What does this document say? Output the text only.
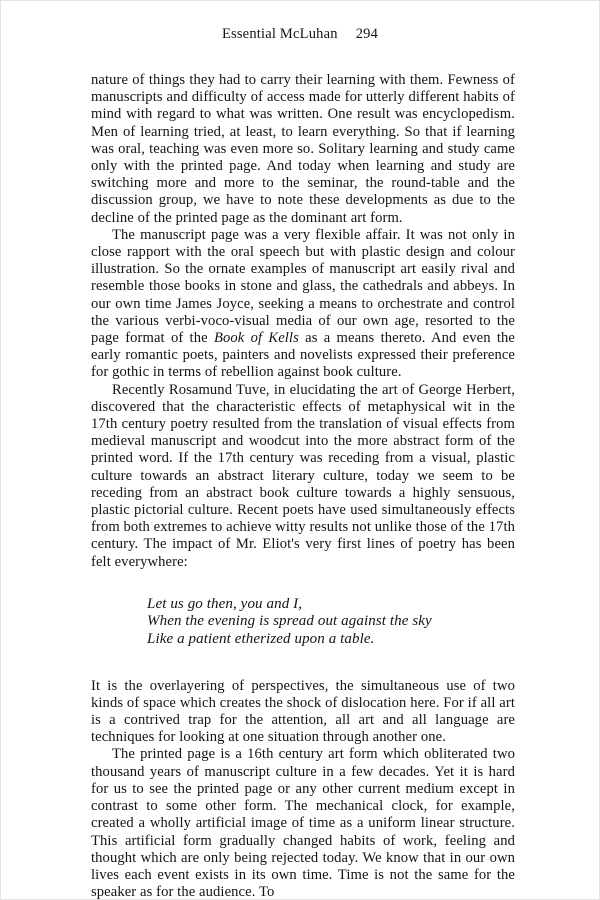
Essential McLuhan 294

nature of things they had to carry their learning with them. Fewness of manuscripts and difficulty of access made for utterly different habits of mind with regard to what was written. One result was encyclopedism. Men of learning tried, at least, to learn everything. So that if learning was oral, teaching was even more so. Solitary learning and study came only with the printed page. And today when learning and study are switching more and more to the seminar, the round-table and the discussion group, we have to note these developments as due to the decline of the printed page as the dominant art form.

The manuscript page was a very flexible affair. It was not only in close rapport with the oral speech but with plastic design and colour illustration. So the ornate examples of manuscript art easily rival and resemble those books in stone and glass, the cathedrals and abbeys. In our own time James Joyce, seeking a means to orchestrate and control the various verbi-voco-visual media of our own age, resorted to the page format of the Book of Kells as a means thereto. And even the early romantic poets, painters and novelists expressed their preference for gothic in terms of rebellion against book culture.

Recently Rosamund Tuve, in elucidating the art of George Herbert, discovered that the characteristic effects of metaphysical wit in the 17th century poetry resulted from the translation of visual effects from medieval manuscript and woodcut into the more abstract form of the printed word. If the 17th century was receding from a visual, plastic culture towards an abstract literary culture, today we seem to be receding from an abstract book culture towards a highly sensuous, plastic pictorial culture. Recent poets have used simultaneously effects from both extremes to achieve witty results not unlike those of the 17th century. The impact of Mr. Eliot's very first lines of poetry has been felt everywhere:

Let us go then, you and I,
When the evening is spread out against the sky
Like a patient etherized upon a table.

It is the overlayering of perspectives, the simultaneous use of two kinds of space which creates the shock of dislocation here. For if all art is a contrived trap for the attention, all art and all language are techniques for looking at one situation through another one.

The printed page is a 16th century art form which obliterated two thousand years of manuscript culture in a few decades. Yet it is hard for us to see the printed page or any other current medium except in contrast to some other form. The mechanical clock, for example, created a wholly artificial image of time as a uniform linear structure. This artificial form gradually changed habits of work, feeling and thought which are only being rejected today. We know that in our own lives each event exists in its own time. Time is not the same for the speaker as for the audience. To
